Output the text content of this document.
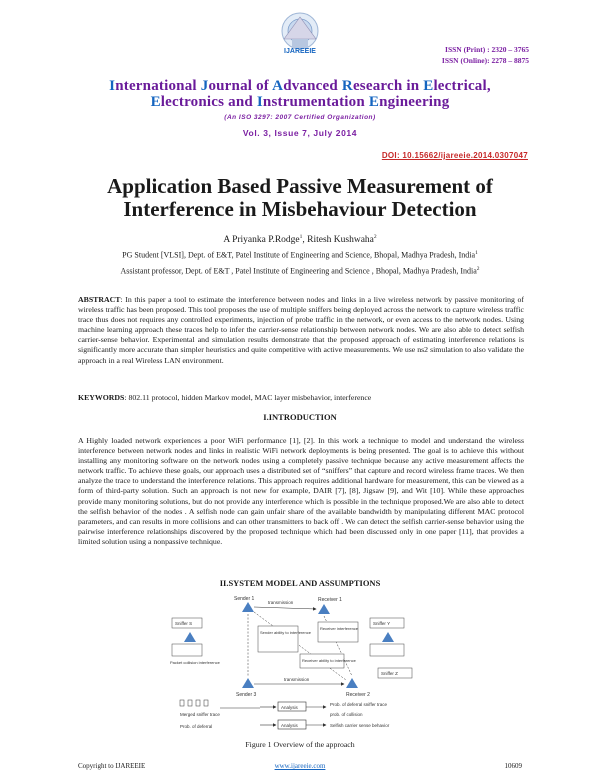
IJAREEIE	ISSN (Print) : 2320 – 3765
ISSN (Online): 2278 – 8875
International Journal of Advanced Research in Electrical,
Electronics and Instrumentation Engineering
(An ISO 3297: 2007 Certified Organization)
Vol. 3, Issue 7, July 2014
DOI: 10.15662/ijareeie.2014.0307047
Application Based Passive Measurement of
Interference in Misbehaviour Detection
A Priyanka P.Rodge$^1$, Ritesh Kushwaha$^2$
PG Student [VLSI], Dept. of E&T, Patel Institute of Engineering and Science, Bhopal, Madhya Pradesh, India$^1$
Assistant professor, Dept. of E&T , Patel Institute of Engineering and Science , Bhopal, Madhya Pradesh, India$^2$
ABSTRACT: In this paper a tool to estimate the interference between nodes and links in a live wireless network by passive monitoring of wireless traffic has been proposed. This tool proposes the use of multiple sniffers being deployed across the network to capture wireless traffic trace thus does not requires any controlled experiments, injection of probe traffic in the network, or even access to the network nodes. Using machine learning approach these traces help to infer the carrier-sense relationship between network nodes. We are also able to detect selfish carrier-sense behavior. Experimental and simulation results demonstrate that the proposed approach of estimating interference relations is significantly more accurate than simpler heuristics and quite competitive with active measurements. We use ns2 simulation to also validate the approach in a real Wireless LAN environment.
KEYWORDS: 802.11 protocol, hidden Markov model, MAC layer misbehavior, interference
I.INTRODUCTION
A Highly loaded network experiences a poor WiFi performance [1], [2]. In this work a technique to model and understand the wireless interference between network nodes and links in realistic WiFi network deployments is being presented. The goal is to achieve this without installing any monitoring software on the network nodes using a completely passive technique because any active measurement affects the network traffic. To achieve these goals, our approach uses a distributed set of “sniffers” that capture and record wireless frame traces. We then analyze the trace to understand the interference relations. This approach requires additional hardware for measurement, this can be viewed as a form of third-party solution. Such an approach is not new for example, DAIR [7], [8], Jigsaw [9], and Wit [10]. While these approaches provide many monitoring solutions, but do not provide any interference which is possible in the technique proposed.We are also able to detect the selfish behavior of the nodes . A selfish node can gain unfair share of the available bandwidth by manipulating different MAC protocol parameters, and can results in more collisions and can other transmitters to back off . We can detect the selfish carrier-sense behavior using the pairwise interference relationships discovered by the proposed technique which had been discussed only in one paper [11], that provides a limited solution using a nonpassive technique.
II.SYSTEM MODEL AND ASSUMPTIONS
Sender 1	Receiver 1
Sender 3	Receiver 2
Sniffer S	Sniffer Y
Sniffer Z
transmission
transmission
Sender ability to interference
Receiver interference
Receiver ability to interference
Packet collision interference
Merged sniffer trace
Prob. of deferral
Analysis
Analysis
Prob. of deferral sniffer trace
prob. of collision
Selfish carrier sense behavior
Figure 1 Overview of the approach
Copyright to IJAREEIE	www.ijareeie.com	10609
